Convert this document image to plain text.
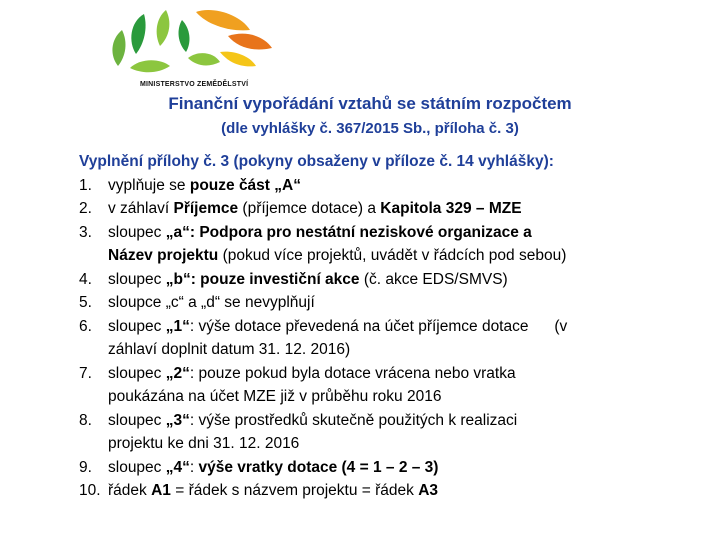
MINISTERSTVO ZEMĚDĚLSTVÍ
Finanční vypořádání vztahů se státním rozpočtem
(dle vyhlášky č. 367/2015 Sb., příloha č. 3)
Vyplnění přílohy č. 3 (pokyny obsaženy v příloze č. 14 vyhlášky):
1. vyplňuje se pouze část „A“
2. v záhlaví Příjemce (příjemce dotace) a Kapitola 329 – MZE
3. sloupec „a“: Podpora pro nestátní neziskové organizace a
Název projektu (pokud více projektů, uvádět v řádcích pod sebou)
4. sloupec „b“: pouze investiční akce (č. akce EDS/SMVS)
5. sloupce „c“ a „d“ se nevyplňují
6. sloupec „1“: výše dotace převedená na účet příjemce dotace      (v
záhlaví doplnit datum 31. 12. 2016)
7. sloupec „2“: pouze pokud byla dotace vrácena nebo vratka
poukázána na účet MZE již v průběhu roku 2016
8. sloupec „3“: výše prostředků skutečně použitých k realizaci
projektu ke dni 31. 12. 2016
9. sloupec „4“: výše vratky dotace (4 = 1 – 2 – 3)
10. řádek A1 = řádek s názvem projektu = řádek A3
